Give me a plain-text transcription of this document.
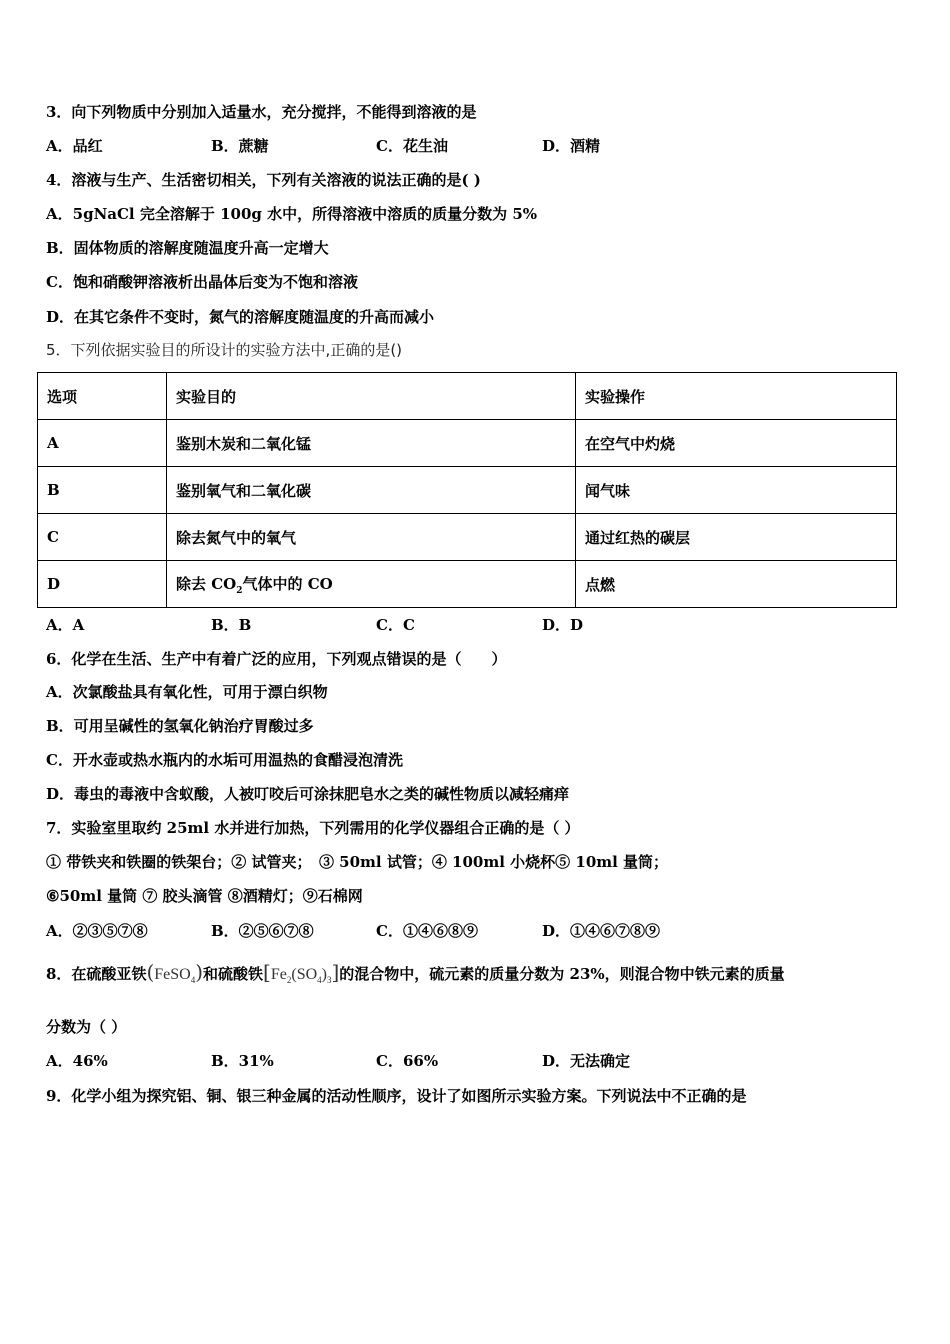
3．向下列物质中分别加入适量水，充分搅拌，不能得到溶液的是
A．品红	B．蔗糖	C．花生油	D．酒精
4．溶液与生产、生活密切相关，下列有关溶液的说法正确的是( )
A．5gNaCl 完全溶解于 100g 水中，所得溶液中溶质的质量分数为 5%
B．固体物质的溶解度随温度升高一定增大
C．饱和硝酸钾溶液析出晶体后变为不饱和溶液
D．在其它条件不变时，氮气的溶解度随温度的升高而减小
5．下列依据实验目的所设计的实验方法中,正确的是()
选项	实验目的	实验操作
A	鉴别木炭和二氧化锰	在空气中灼烧
B	鉴别氧气和二氧化碳	闻气味
C	除去氮气中的氧气	通过红热的碳层
D	除去 $CO_2$气体中的 CO	点燃
A．A	B．B	C．C	D．D
6．化学在生活、生产中有着广泛的应用，下列观点错误的是（　　）
A．次氯酸盐具有氧化性，可用于漂白织物
B．可用呈碱性的氢氧化钠治疗胃酸过多
C．开水壶或热水瓶内的水垢可用温热的食醋浸泡清洗
D．毒虫的毒液中含蚁酸，人被叮咬后可涂抹肥皂水之类的碱性物质以减轻痛痒
7．实验室里取约 25ml 水并进行加热，下列需用的化学仪器组合正确的是（ ）
① 带铁夹和铁圈的铁架台；② 试管夹；　③ 50ml 试管；④ 100ml 小烧杯⑤ 10ml 量筒；
⑥50ml 量筒 ⑦ 胶头滴管 ⑧酒精灯；⑨石棉网
A．②③⑤⑦⑧	B．②⑤⑥⑦⑧	C．①④⑥⑧⑨	D．①④⑥⑦⑧⑨
8．在硫酸亚铁(FeSO$_4$)和硫酸铁$[Fe_2(SO_4)_3]$的混合物中，硫元素的质量分数为 23%，则混合物中铁元素的质量
分数为（ ）
A．46%	B．31%	C．66%	D．无法确定
9．化学小组为探究铝、铜、银三种金属的活动性顺序，设计了如图所示实验方案。下列说法中不正确的是
